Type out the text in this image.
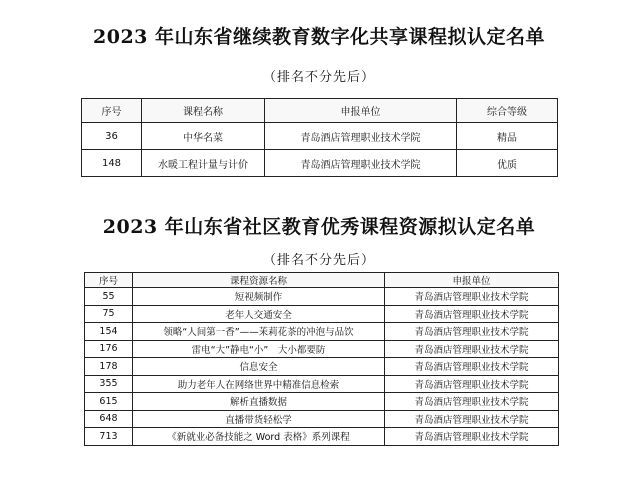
2023 年山东省继续教育数字化共享课程拟认定名单
（排名不分先后）
序号	课程名称	申报单位	综合等级
36	中华名菜	青岛酒店管理职业技术学院	精品
148	水暖工程计量与计价	青岛酒店管理职业技术学院	优质
2023 年山东省社区教育优秀课程资源拟认定名单
（排名不分先后）
序号	课程资源名称	申报单位
55	短视频制作	青岛酒店管理职业技术学院
75	老年人交通安全	青岛酒店管理职业技术学院
154	领略“人间第一香”——茉莉花茶的冲泡与品饮	青岛酒店管理职业技术学院
176	雷电“大”静电“小”　大小都要防	青岛酒店管理职业技术学院
178	信息安全	青岛酒店管理职业技术学院
355	助力老年人在网络世界中精准信息检索	青岛酒店管理职业技术学院
615	解析直播数据	青岛酒店管理职业技术学院
648	直播带货轻松学	青岛酒店管理职业技术学院
713	《新就业必备技能之 Word 表格》系列课程	青岛酒店管理职业技术学院
